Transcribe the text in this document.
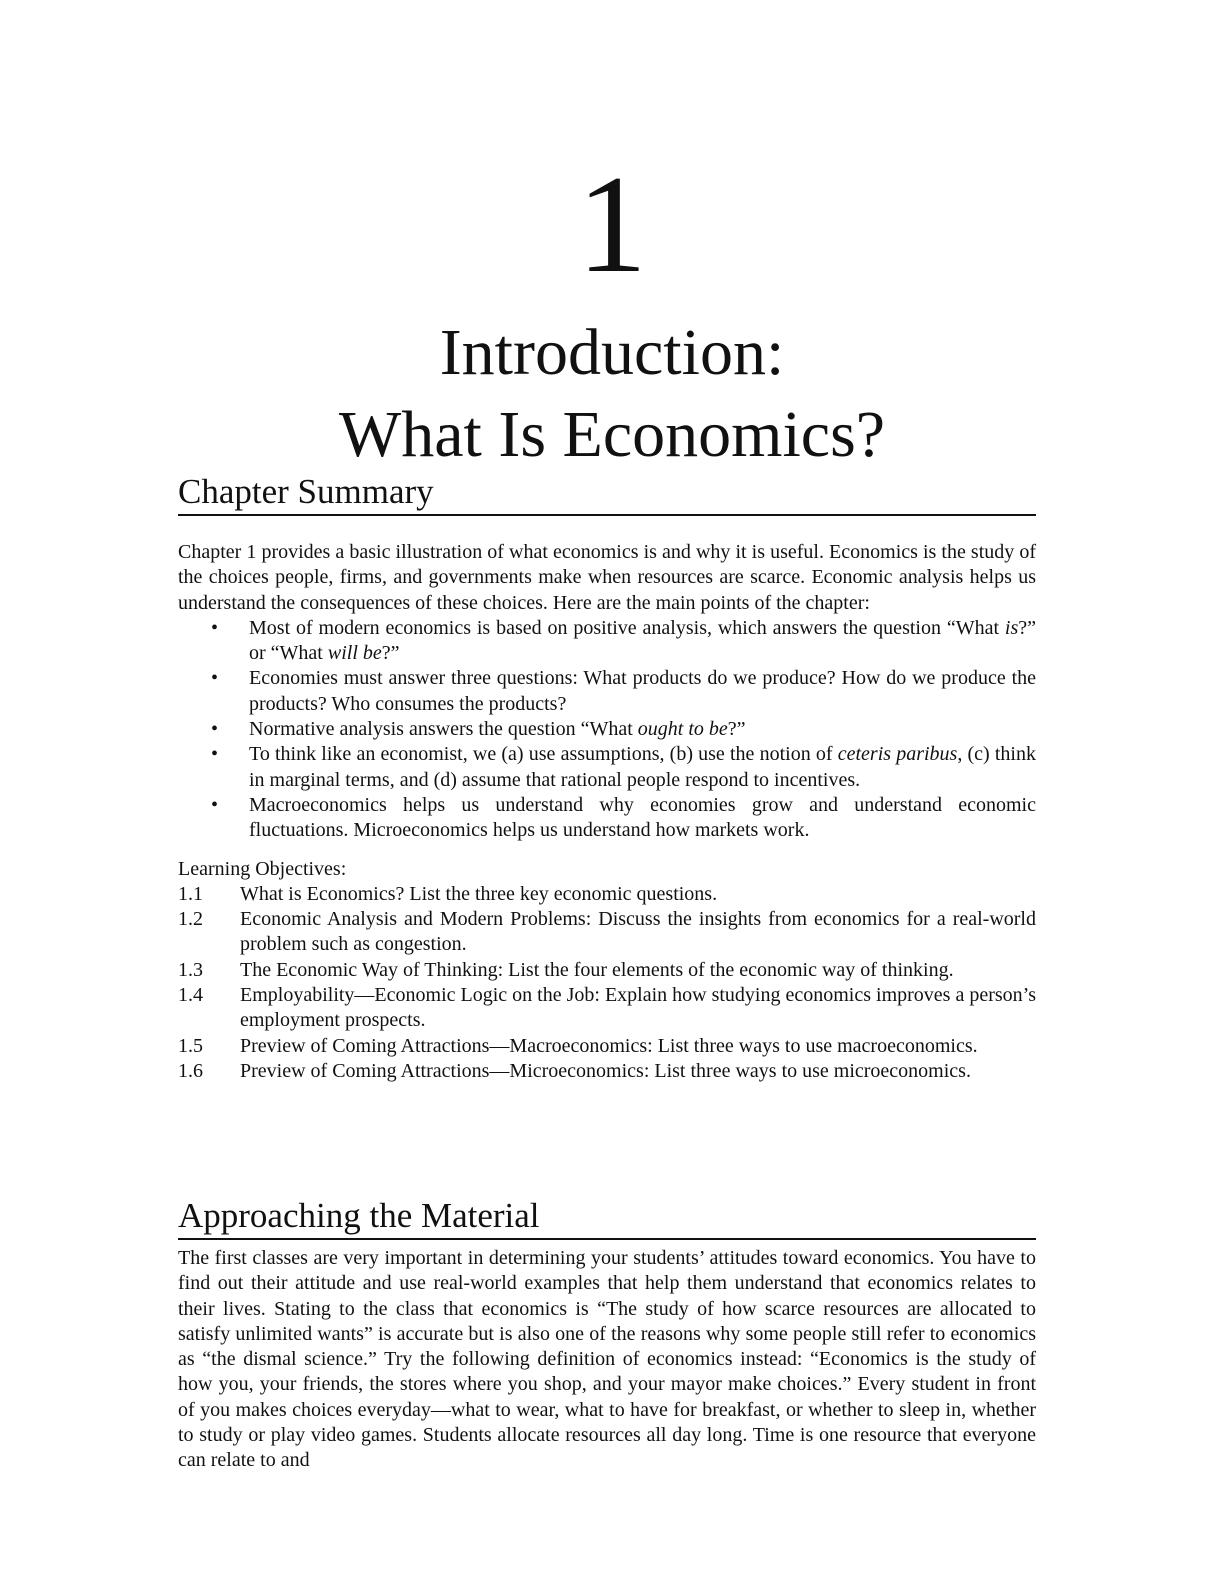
1
Introduction:
What Is Economics?
Chapter Summary
Chapter 1 provides a basic illustration of what economics is and why it is useful. Economics is the study of the choices people, firms, and governments make when resources are scarce. Economic analysis helps us understand the consequences of these choices. Here are the main points of the chapter:
• Most of modern economics is based on positive analysis, which answers the question “What is?” or “What will be?”
• Economies must answer three questions: What products do we produce? How do we produce the products? Who consumes the products?
• Normative analysis answers the question “What ought to be?”
• To think like an economist, we (a) use assumptions, (b) use the notion of ceteris paribus, (c) think in marginal terms, and (d) assume that rational people respond to incentives.
• Macroeconomics helps us understand why economies grow and understand economic fluctuations. Microeconomics helps us understand how markets work.
Learning Objectives:
1.1 What is Economics? List the three key economic questions.
1.2 Economic Analysis and Modern Problems: Discuss the insights from economics for a real-world problem such as congestion.
1.3 The Economic Way of Thinking: List the four elements of the economic way of thinking.
1.4 Employability—Economic Logic on the Job: Explain how studying economics improves a person’s employment prospects.
1.5 Preview of Coming Attractions—Macroeconomics: List three ways to use macroeconomics.
1.6 Preview of Coming Attractions—Microeconomics: List three ways to use microeconomics.
Approaching the Material
The first classes are very important in determining your students’ attitudes toward economics. You have to find out their attitude and use real-world examples that help them understand that economics relates to their lives. Stating to the class that economics is “The study of how scarce resources are allocated to satisfy unlimited wants” is accurate but is also one of the reasons why some people still refer to economics as “the dismal science.” Try the following definition of economics instead: “Economics is the study of how you, your friends, the stores where you shop, and your mayor make choices.” Every student in front of you makes choices everyday—what to wear, what to have for breakfast, or whether to sleep in, whether to study or play video games. Students allocate resources all day long. Time is one resource that everyone can relate to and
